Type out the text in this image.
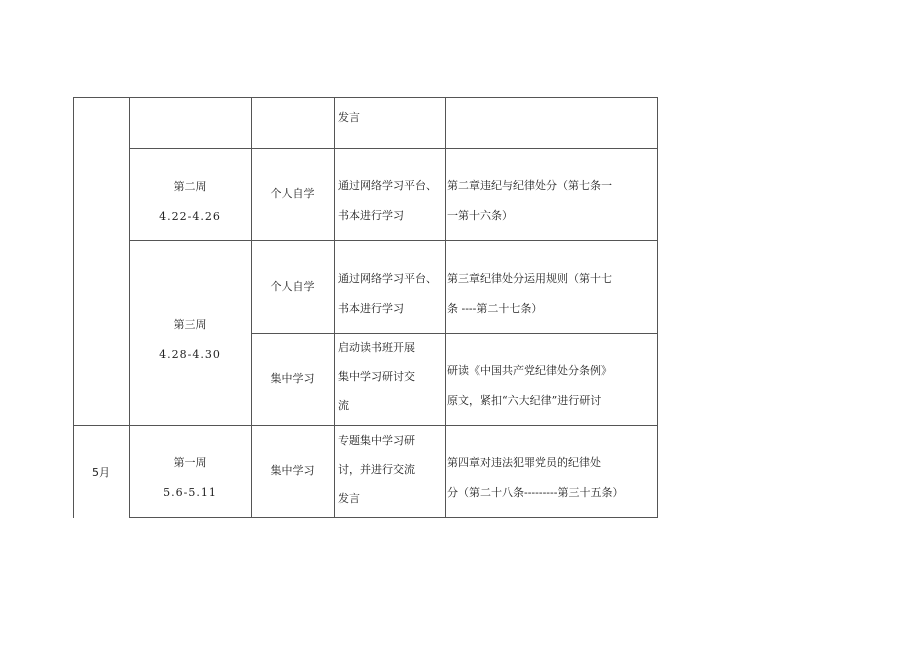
发言
第二周
4.22-4.26
个人自学
通过网络学习平台、
书本进行学习
第二章违纪与纪律处分（第七条一
一第十六条）
第三周
4.28-4.30
个人自学
通过网络学习平台、
书本进行学习
第三章纪律处分运用规则（第十七
条 ----第二十七条）
集中学习
启动读书班开展
集中学习研讨交
流
研读《中国共产党纪律处分条例》
原文，紧扣“六大纪律”进行研讨
5月
第一周
5.6-5.11
集中学习
专题集中学习研
讨，并进行交流
发言
第四章对违法犯罪党员的纪律处
分（第二十八条---------第三十五条）
